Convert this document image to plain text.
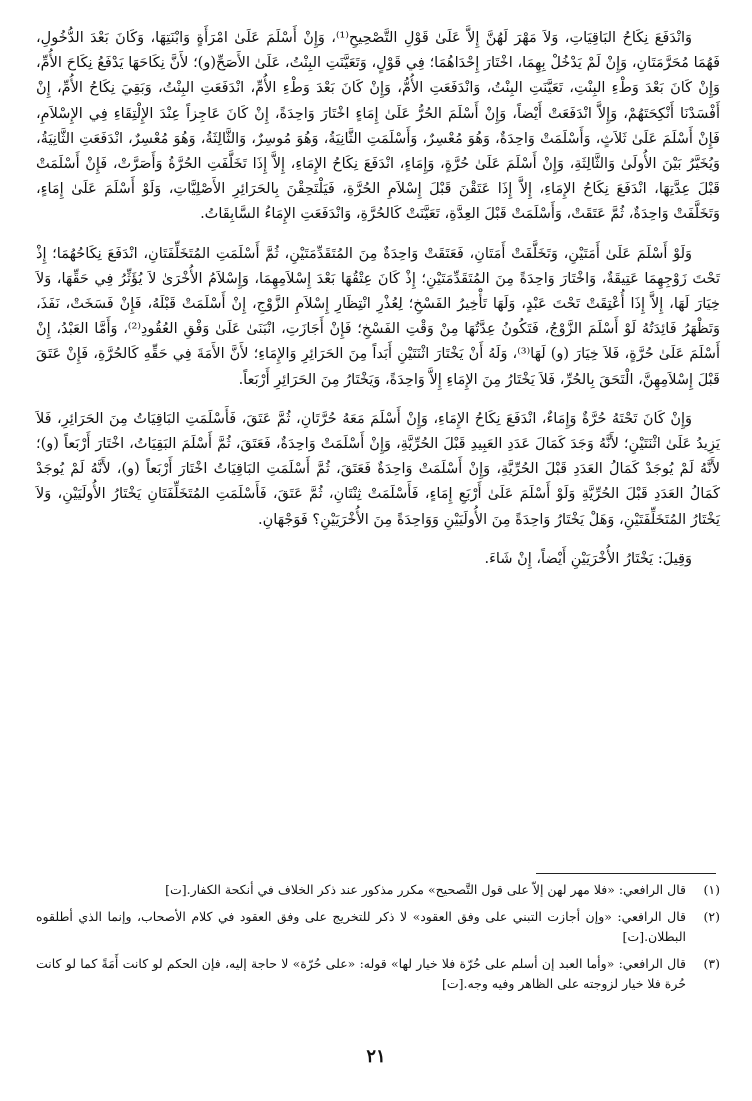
وَانْدَفَعَ نِكَاحُ البَاقِيَاتِ، وَلاَ مَهْرَ لَهُنَّ إِلاَّ عَلَىٰ قَوْلِ التَّصْحِيحِ⁽¹⁾، وَإِنْ أَسْلَمَ عَلَىٰ امْرَأَةٍ وَابْنَتِهَا، وَكَانَ بَعْدَ الدُّخُولِ، فَهُمَا مُحَرَّمَتَانِ، وَإِنْ لَمْ يَدْخُلْ بِهِمَا، اخْتَارَ إِحْدَاهُمَا؛ فِي قَوْلٍ، وَتَعَيَّنَتِ البِنْتُ، عَلَىٰ الأَصَحِّ(و)؛ لأَنَّ نِكَاحَهَا يَدْفَعُ نِكَاحَ الأُمِّ، وَإِنْ كَانَ بَعْدَ وَطْءِ البِنْتِ، تَعَيَّنَتِ البِنْتُ، وَانْدَفَعَتِ الأُمُّ، وَإِنْ كَانَ بَعْدَ وَطْءِ الأُمِّ، انْدَفَعَتِ البِنْتُ، وَبَقِيَ نِكَاحُ الأُمِّ، إِنْ أَفْسَدْنَا أَنْكِحَتَهُمْ، وَإِلاَّ انْدَفَعَتْ أَيْضاً، وَإِنْ أَسْلَمَ الحُرُّ عَلَىٰ إِمَاءٍ اخْتَارَ وَاحِدَةً، إِنْ كَانَ عَاجِزاً عِنْدَ الإِلْتِقَاءِ فِي الإِسْلاَمِ، فَإِنْ أَسْلَمَ عَلَىٰ ثَلاَثٍ، وَأَسْلَمَتْ وَاحِدَةٌ، وَهُوَ مُعْسِرٌ، وَأَسْلَمَتِ الثَّانِيَةُ، وَهُوَ مُوسِرٌ، وَالثَّالِثَةُ، وَهُوَ مُعْسِرٌ، انْدَفَعَتِ الثَّانِيَةُ، وَيُخَيَّرُ بَيْنَ الأُولَىٰ وَالثَّالِثَةِ، وَإِنْ أَسْلَمَ عَلَىٰ حُرَّةٍ، وَإِمَاءٍ، انْدَفَعَ نِكَاحُ الإِمَاءِ، إِلاَّ إِذَا تَخَلَّفَتِ الحُرَّةُ وَأَصَرَّتْ، فَإِنْ أَسْلَمَتْ قَبْلَ عِدَّتِهَا، انْدَفَعَ نِكَاحُ الإِمَاءِ، إِلاَّ إِذَا عَتَقْنَ قَبْلَ إِسْلاَمِ الحُرَّةِ، فَيَلْتَحِقْنَ بِالحَرَائِرِ الأَصْلِيَّاتِ، وَلَوْ أَسْلَمَ عَلَىٰ إِمَاءٍ، وَتَخَلَّفَتْ وَاحِدَةٌ، ثُمَّ عَتَقَتْ، وَأَسْلَمَتْ قَبْلَ العِدَّةِ، تَعَيَّنَتْ كَالحُرَّةِ، وَانْدَفَعَتِ الإِمَاءُ السَّابِقَاتُ.

وَلَوْ أَسْلَمَ عَلَىٰ أَمَتَيْنِ، وَتَخَلَّفَتْ أَمَتَانِ، فَعَتَقَتْ وَاحِدَةٌ مِنَ المُتَقَدِّمَتَيْنِ، ثُمَّ أَسْلَمَتِ المُتَخَلِّفَتَانِ، انْدَفَعَ نِكَاحُهُمَا؛ إِذْ تَحْتَ زَوْجِهِمَا عَتِيقَةٌ، وَاخْتَارَ وَاحِدَةً مِنَ المُتَقَدِّمَتَيْنِ؛ إِذْ كَانَ عِتْقُهَا بَعْدَ إِسْلاَمِهِمَا، وَإِسْلاَمُ الأُخْرَىٰ لاَ يُؤَثِّرُ فِي حَقِّهَا، وَلاَ خِيَارَ لَهَا، إِلاَّ إِذَا أُعْتِقَتْ تَحْتَ عَبْدٍ، وَلَهَا تَأْخِيرُ الفَسْخِ؛ لِعُذْرِ انْتِظَارِ إِسْلاَمِ الزَّوْجِ، إِنْ أَسْلَمَتْ قَبْلَهُ، فَإِنْ فَسَخَتْ، نَفَذَ، وَتَظْهَرُ فَائِدَتُهُ لَوْ أَسْلَمَ الزَّوْجُ، فَتَكُونُ عِدَّتُهَا مِنْ وَقْتِ الفَسْخِ؛ فَإِنْ أَجَازَتِ، انْبَنَىٰ عَلَىٰ وَفْقِ العُقُودِ⁽²⁾، وَأَمَّا العَبْدُ، إِنْ أَسْلَمَ عَلَىٰ حُرَّةٍ، فَلاَ خِيَارَ (و) لَهَا⁽³⁾، وَلَهُ أَنْ يَخْتَارَ اثْنَتَيْنِ أَبَداً مِنَ الحَرَائِرِ وَالإِمَاءِ؛ لأَنَّ الأَمَةَ فِي حَقِّهِ كَالحُرَّةِ، فَإِنْ عَتَقَ قَبْلَ إِسْلاَمِهِنَّ، الْتَحَقَ بِالحُرِّ، فَلاَ يَخْتَارُ مِنَ الإِمَاءِ إِلاَّ وَاحِدَةً، وَيَخْتَارُ مِنَ الحَرَائِرِ أَرْبَعاً.

وَإِنْ كَانَ تَحْتَهُ حُرَّةٌ وَإِمَاءٌ، انْدَفَعَ نِكَاحُ الإِمَاءِ، وَإِنْ أَسْلَمَ مَعَهُ حُرَّتَانِ، ثُمَّ عَتَقَ، فَأَسْلَمَتِ البَاقِيَاتُ مِنَ الحَرَائِرِ، فَلاَ يَزِيدُ عَلَىٰ اثْنَتَيْنِ؛ لأَنَّهُ وَجَدَ كَمَالَ عَدَدِ العَبِيدِ قَبْلَ الحُرِّيَّةِ، وَإِنْ أَسْلَمَتْ وَاحِدَةٌ، فَعَتَقَ، ثُمَّ أَسْلَمَ البَقِيَاتُ، اخْتَارَ أَرْبَعاً (و)؛ لأَنَّهُ لَمْ يُوجَدْ كَمَالُ العَدَدِ قَبْلَ الحُرِّيَّةِ، وَإِنْ أَسْلَمَتْ وَاحِدَةٌ فَعَتَقَ، ثُمَّ أَسْلَمَتِ البَاقِيَاتُ اخْتَارَ أَرْبَعاً (و)، لأَنَّهُ لَمْ يُوجَدْ كَمَالُ العَدَدِ قَبْلَ الحُرِّيَّةِ وَلَوْ أَسْلَمَ عَلَىٰ أَرْبَعِ إِمَاءٍ، فَأَسْلَمَتْ ثِنْتَانِ، ثُمَّ عَتَقَ، فَأَسْلَمَتِ المُتَخَلِّفَتَانِ يَخْتَارُ الأُولَيَيْنِ، وَلاَ يَخْتَارُ المُتَخَلِّفَتَيْنِ، وَهَلْ يَخْتَارُ وَاحِدَةً مِنَ الأُولَيَيْنِ وَوَاحِدَةً مِنَ الأُخْرَيَيْنِ؟ فَوَجْهَانِ.

وَقِيلَ: يَخْتَارُ الأُخْرَيَيْنِ أَيْضاً، إِنْ شَاءَ.

(١)
قال الرافعي: «فلا مهر لهن إلاّ على قول التَّصحيح» مكرر مذكور عند ذكر الخلاف في أنكحة الكفار.[ت]
(٢)
قال الرافعي: «وإن أجازت التبني على وفق العقود» لا ذكر للتخريج على وفق العقود في كلام الأصحاب، وإنما الذي أطلقوه البطلان.[ت]
(٣)
قال الرافعي: «وأما العبد إن أسلم على حُرّة فلا خيار لها» قوله: «على حُرّة» لا حاجة إليه، فإن الحكم لو كانت أَمَةً كما لو كانت حُرة فلا خيار لزوجته على الظاهر وفيه وجه.[ت]
٢١
